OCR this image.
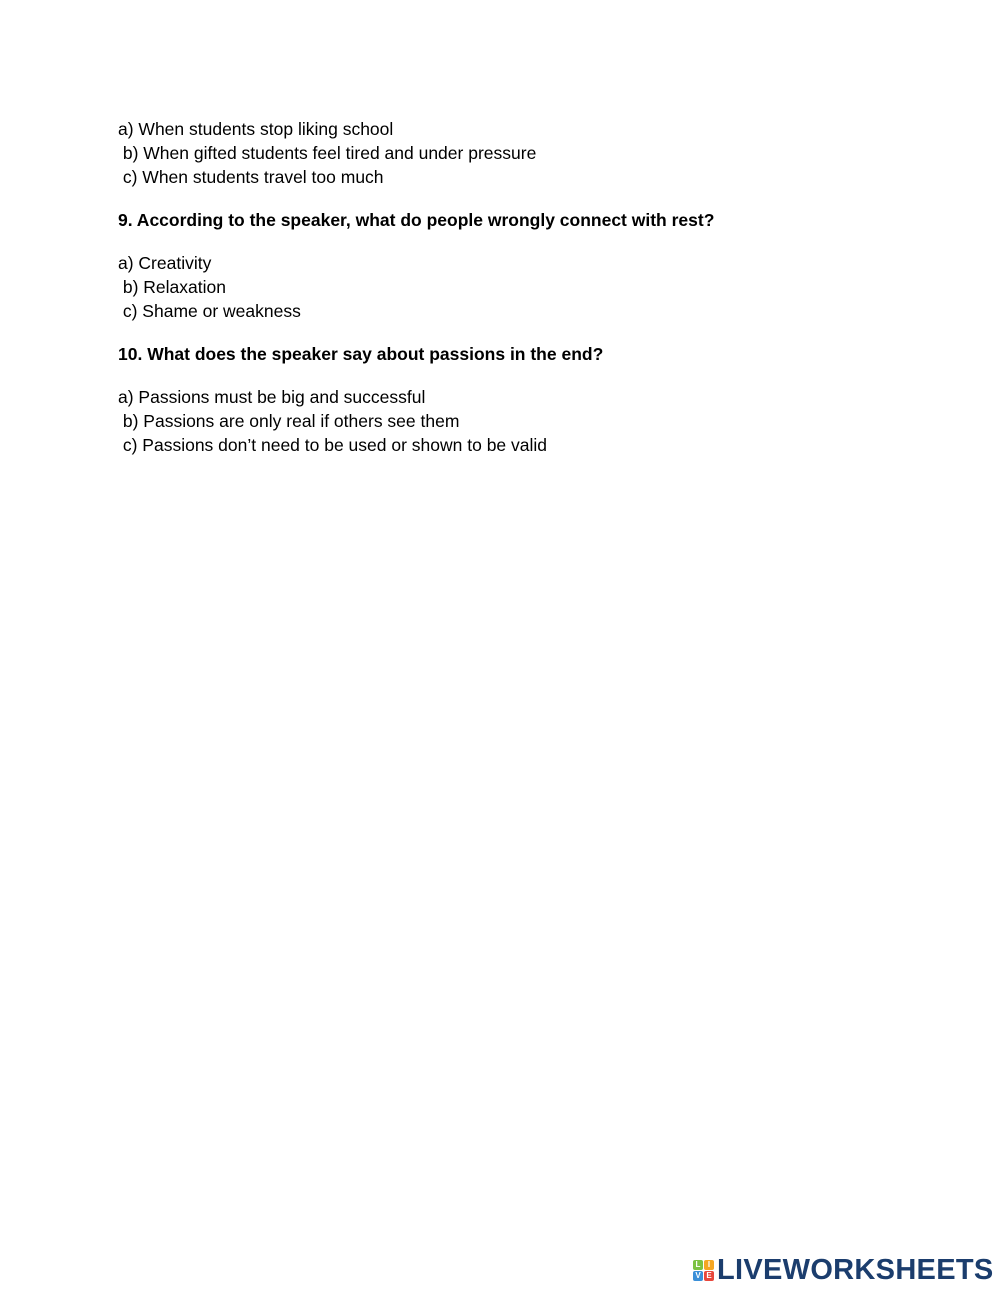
a) When students stop liking school

b) When gifted students feel tired and under pressure

c) When students travel too much

9. According to the speaker, what do people wrongly connect with rest?

a) Creativity

b) Relaxation

c) Shame or weakness

10. What does the speaker say about passions in the end?

a) Passions must be big and successful

b) Passions are only real if others see them

c) Passions don’t need to be used or shown to be valid

L I
V E LIVEWORKSHEETS
